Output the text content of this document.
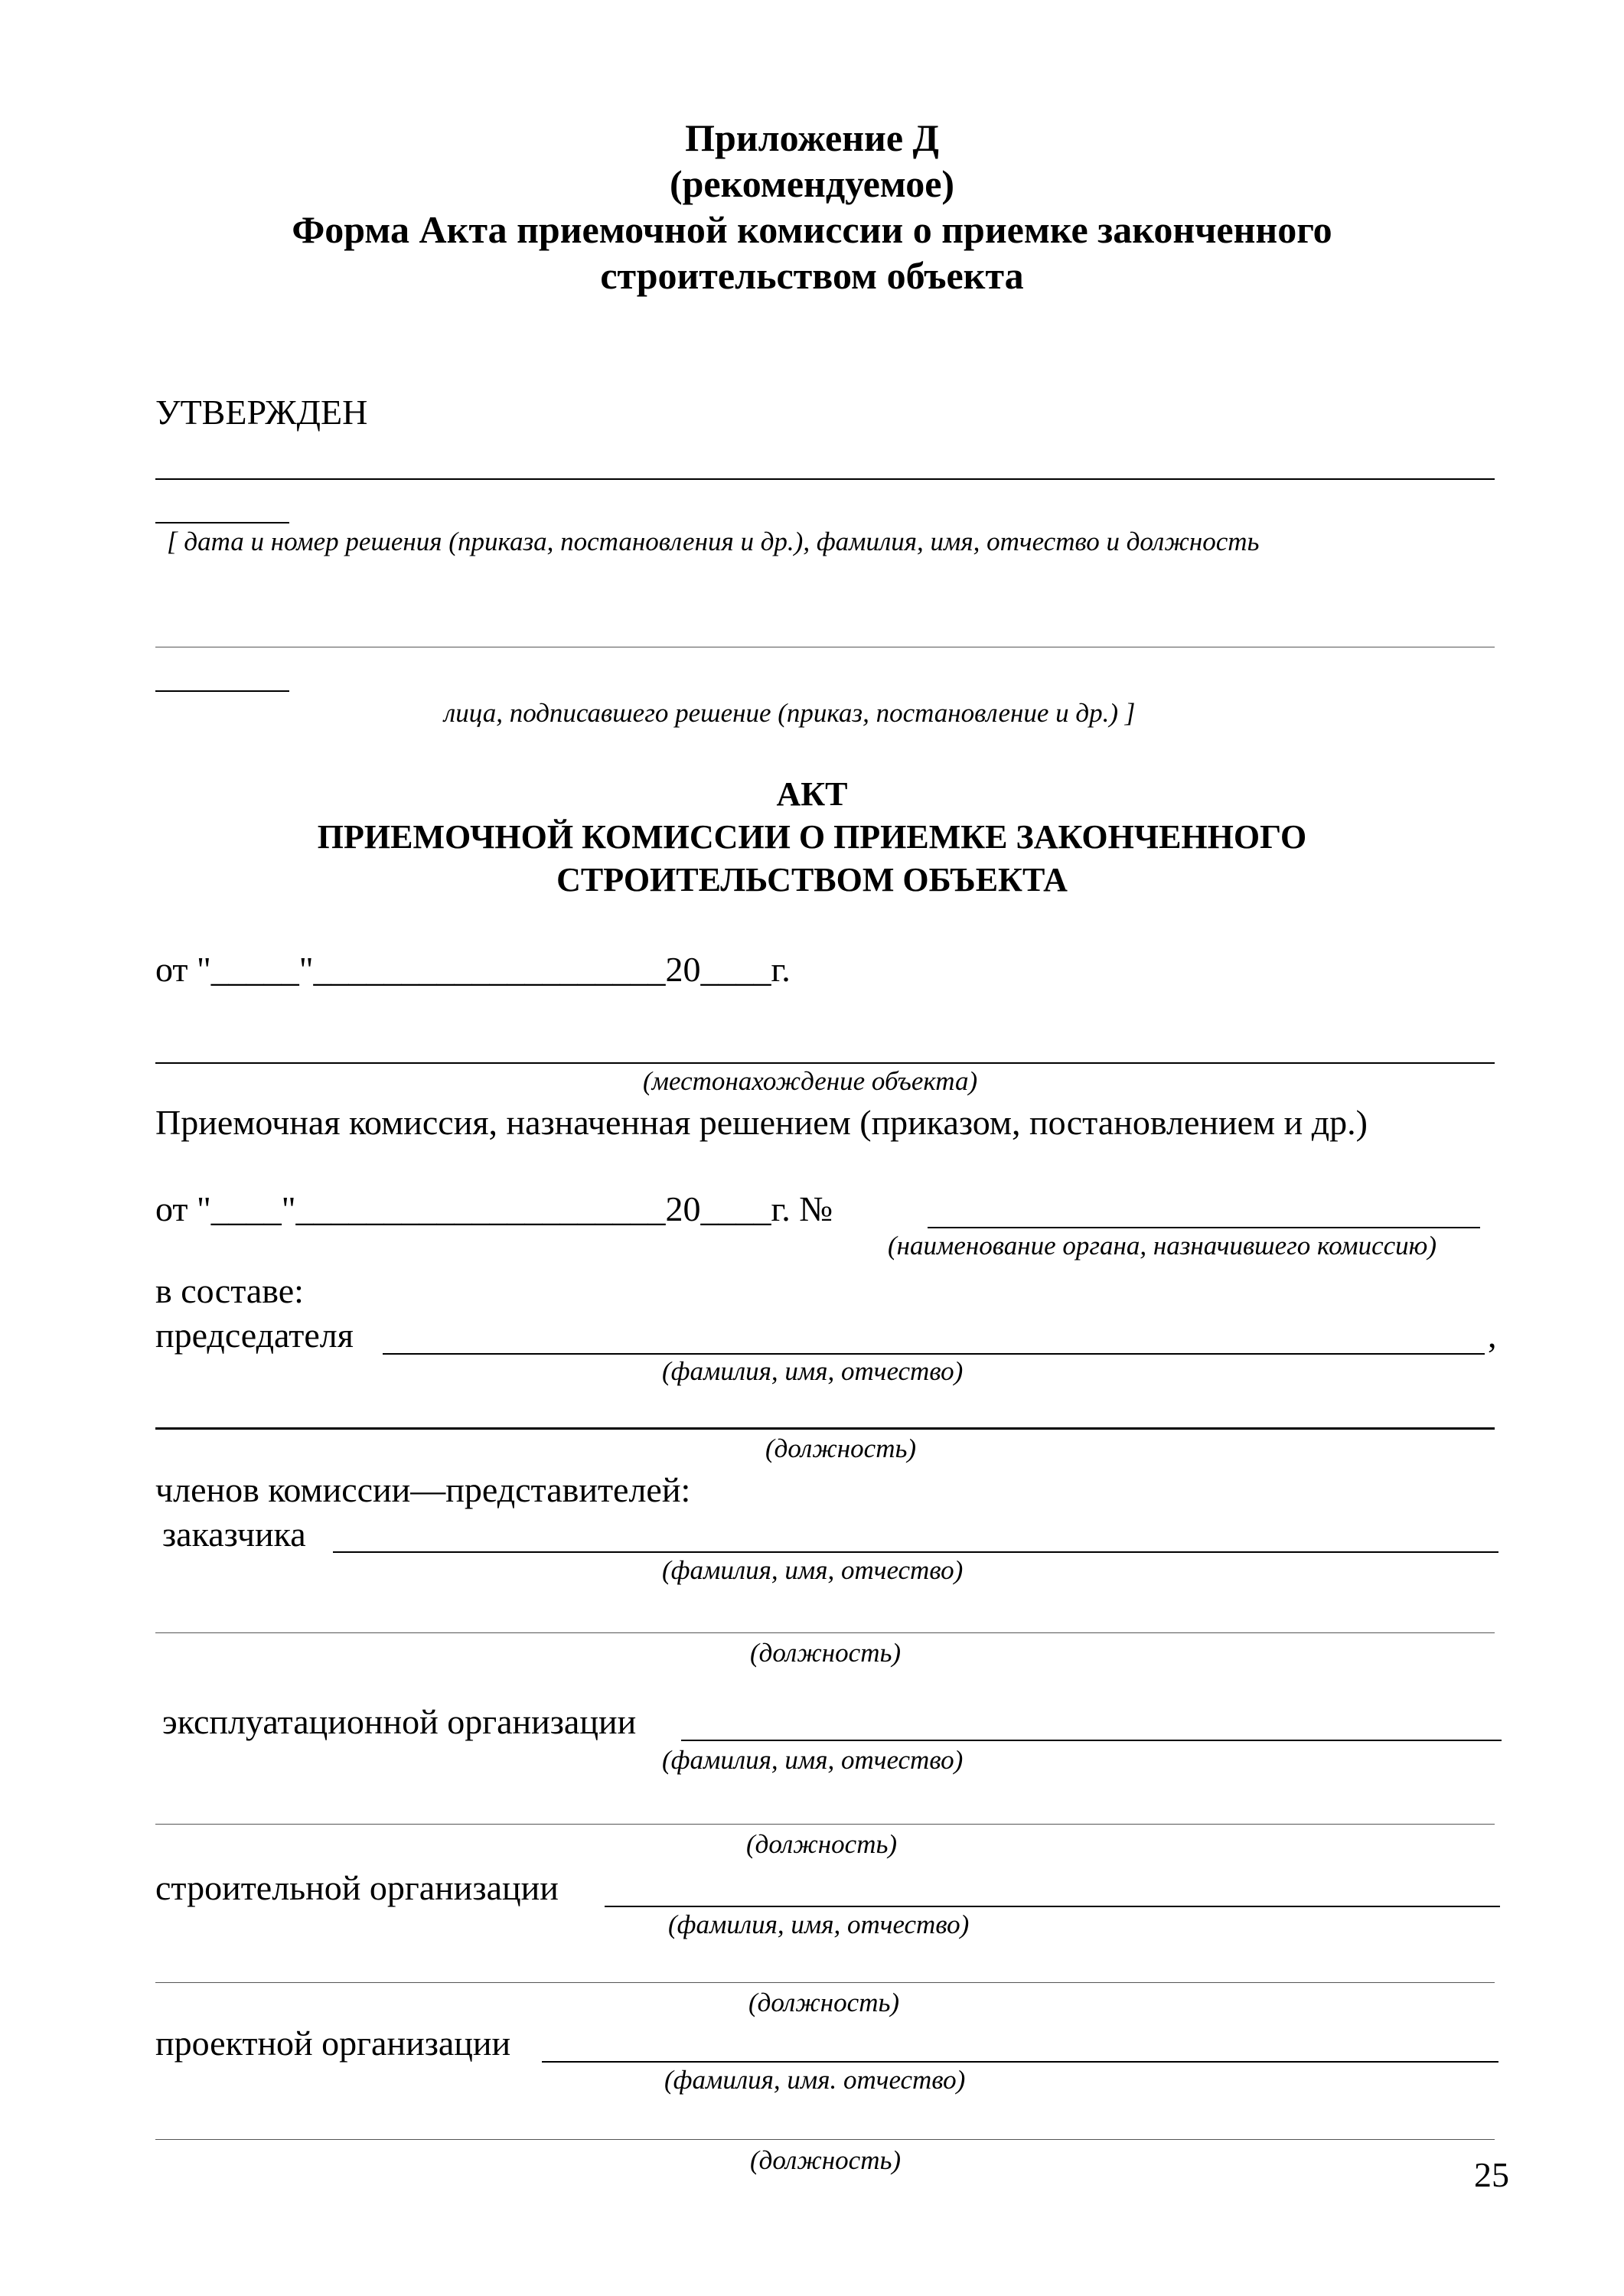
Приложение Д
(рекомендуемое)
Форма Акта приемочной комиссии о приемке законченного
строительством объекта
УТВЕРЖДЕН
[ дата и номер решения (приказа, постановления и др.), фамилия, имя, отчество и должность
лица, подписавшего решение (приказ, постановление и др.) ]
АКТ
ПРИЕМОЧНОЙ КОМИССИИ О ПРИЕМКЕ ЗАКОНЧЕННОГО
СТРОИТЕЛЬСТВОМ ОБЪЕКТА
от "_____"____________________20____г.
(местонахождение объекта)
Приемочная комиссия, назначенная решением (приказом, постановлением и др.)
от "____"_____________________20____г. №
(наименование органа, назначившего комиссию)
в составе:
председателя	,
(фамилия, имя, отчество)
(должность)
членов комиссии—представителей:
заказчика
(фамилия, имя, отчество)
(должность)
эксплуатационной организации
(фамилия, имя, отчество)
(должность)
строительной организации
(фамилия, имя, отчество)
(должность)
проектной организации
(фамилия, имя. отчество)
(должность)	25
